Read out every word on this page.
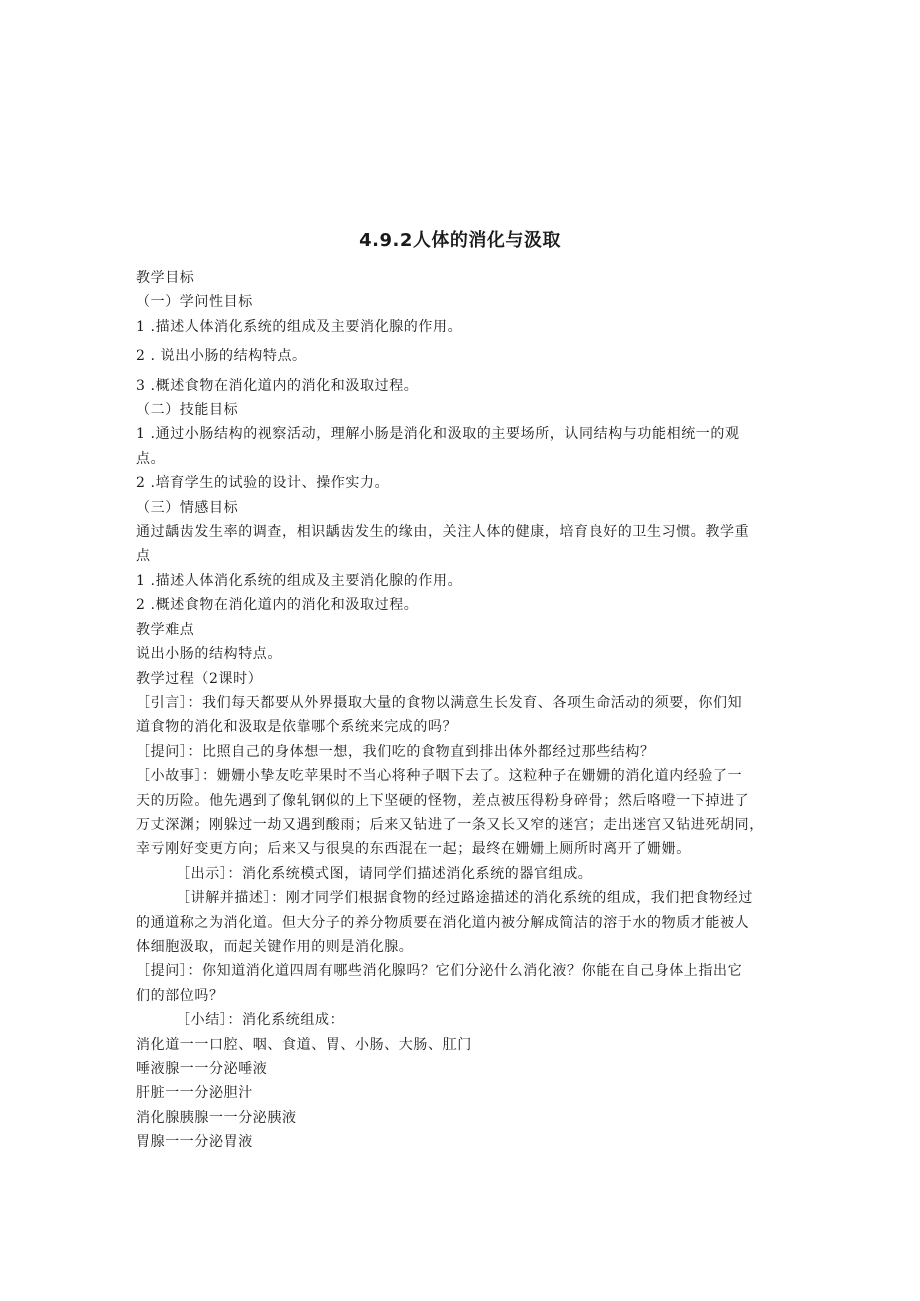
4.9.2人体的消化与汲取

教学目标

（一）学问性目标

1 .描述人体消化系统的组成及主要消化腺的作用。

2 . 说出小肠的结构特点。

3 .概述食物在消化道内的消化和汲取过程。

（二）技能目标

1 .通过小肠结构的视察活动，理解小肠是消化和汲取的主要场所，认同结构与功能相统一的观

点。

2 .培育学生的试验的设计、操作实力。

（三）情感目标

通过龋齿发生率的调查，相识龋齿发生的缘由，关注人体的健康，培育良好的卫生习惯。教学重

点

1 .描述人体消化系统的组成及主要消化腺的作用。

2 .概述食物在消化道内的消化和汲取过程。

教学难点

说出小肠的结构特点。

教学过程（2课时）

［引言］：我们每天都要从外界摄取大量的食物以满意生长发育、各项生命活动的须要，你们知

道食物的消化和汲取是依靠哪个系统来完成的吗？

［提问］：比照自己的身体想一想，我们吃的食物直到排出体外都经过那些结构？

［小故事］：姗姗小挚友吃苹果时不当心将种子咽下去了。这粒种子在姗姗的消化道内经验了一

天的历险。他先遇到了像轧钢似的上下坚硬的怪物，差点被压得粉身碎骨；然后咯噔一下掉进了

万丈深渊；刚躲过一劫又遇到酸雨；后来又钻进了一条又长又窄的迷宫；走出迷宫又钻进死胡同，

幸亏刚好变更方向；后来又与很臭的东西混在一起；最终在姗姗上厕所时离开了姗姗。

［出示］：消化系统模式图，请同学们描述消化系统的器官组成。

［讲解并描述］：刚才同学们根据食物的经过路途描述的消化系统的组成，我们把食物经过

的通道称之为消化道。但大分子的养分物质要在消化道内被分解成简洁的溶于水的物质才能被人

体细胞汲取，而起关键作用的则是消化腺。

［提问］：你知道消化道四周有哪些消化腺吗？它们分泌什么消化液？你能在自己身体上指出它

们的部位吗？

［小结］：消化系统组成：

消化道一一口腔、咽、食道、胃、小肠、大肠、肛门

唾液腺一一分泌唾液

肝脏一一分泌胆汁

消化腺胰腺一一分泌胰液

胃腺一一分泌胃液
